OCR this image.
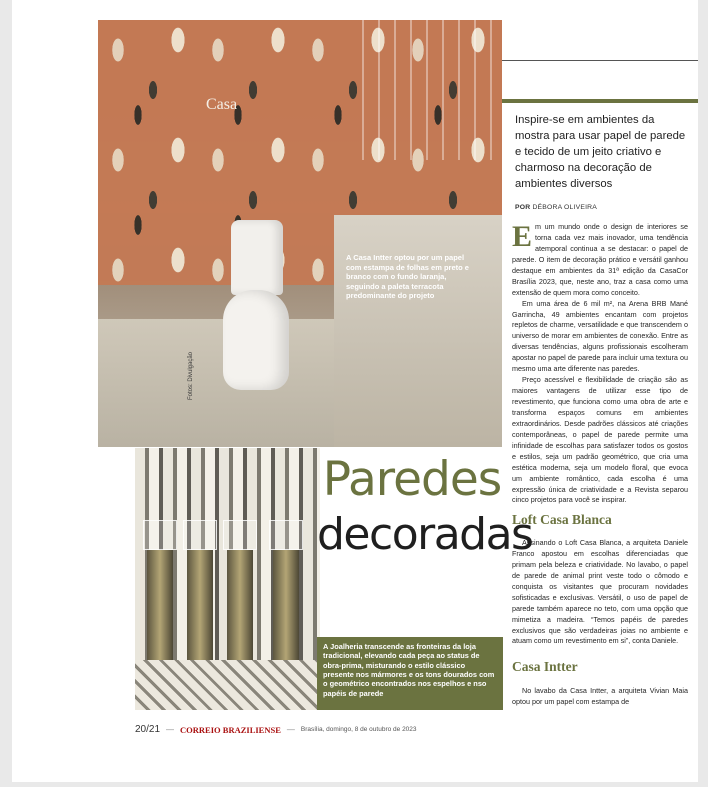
Fotos: Divulgação
Casa
A Casa Intter optou por um papel com estampa de folhas em preto e branco com o fundo laranja, seguindo a paleta terracota predominante do projeto
Inspire-se em ambientes da mostra para usar papel de parede e tecido de um jeito criativo e charmoso na decoração de ambientes diversos
POR DÉBORA OLIVEIRA

Em um mundo onde o design de interiores se torna cada vez mais inovador, uma tendência atemporal continua a se destacar: o papel de parede. O item de decoração prático e versátil ganhou destaque em ambientes da 31ª edição da CasaCor Brasília 2023, que, neste ano, traz a casa como uma extensão de quem mora como conceito.

Em uma área de 6 mil m², na Arena BRB Mané Garrincha, 49 ambientes encantam com projetos repletos de charme, versatilidade e que transcendem o universo de morar em ambientes de conexão. Entre as diversas tendências, alguns profissionais escolheram apostar no papel de parede para incluir uma textura ou mesmo uma arte diferente nas paredes.

Preço acessível e flexibilidade de criação são as maiores vantagens de utilizar esse tipo de revestimento, que funciona como uma obra de arte e transforma espaços comuns em ambientes extraordinários. Desde padrões clássicos até criações contemporâneas, o papel de parede permite uma infinidade de escolhas para satisfazer todos os gostos e estilos, seja um padrão geométrico, que cria uma estética moderna, seja um modelo floral, que evoca um ambiente romântico, cada escolha é uma expressão única de criatividade e a Revista separou cinco projetos para você se inspirar.

Loft Casa Blanca

Assinando o Loft Casa Blanca, a arquiteta Daniele Franco apostou em escolhas diferenciadas que primam pela beleza e criatividade. No lavabo, o papel de parede de animal print veste todo o cômodo e conquista os visitantes que procuram novidades sofisticadas e exclusivas. Versátil, o uso de papel de parede também aparece no teto, com uma opção que mimetiza a madeira. “Temos papéis de paredes exclusivos que são verdadeiras joias no ambiente e atuam como um revestimento em si”, conta Daniele.

Casa Intter

No lavabo da Casa Intter, a arquiteta Vivian Maia optou por um papel com estampa de

Paredes
decoradas
A Joalheria transcende as fronteiras da loja tradicional, elevando cada peça ao status de obra-prima, misturando o estilo clássico presente nos mármores e os tons dourados com o geométrico encontrados nos espelhos e nso papéis de parede
20/21 — CORREIO BRAZILIENSE — Brasília, domingo, 8 de outubro de 2023
